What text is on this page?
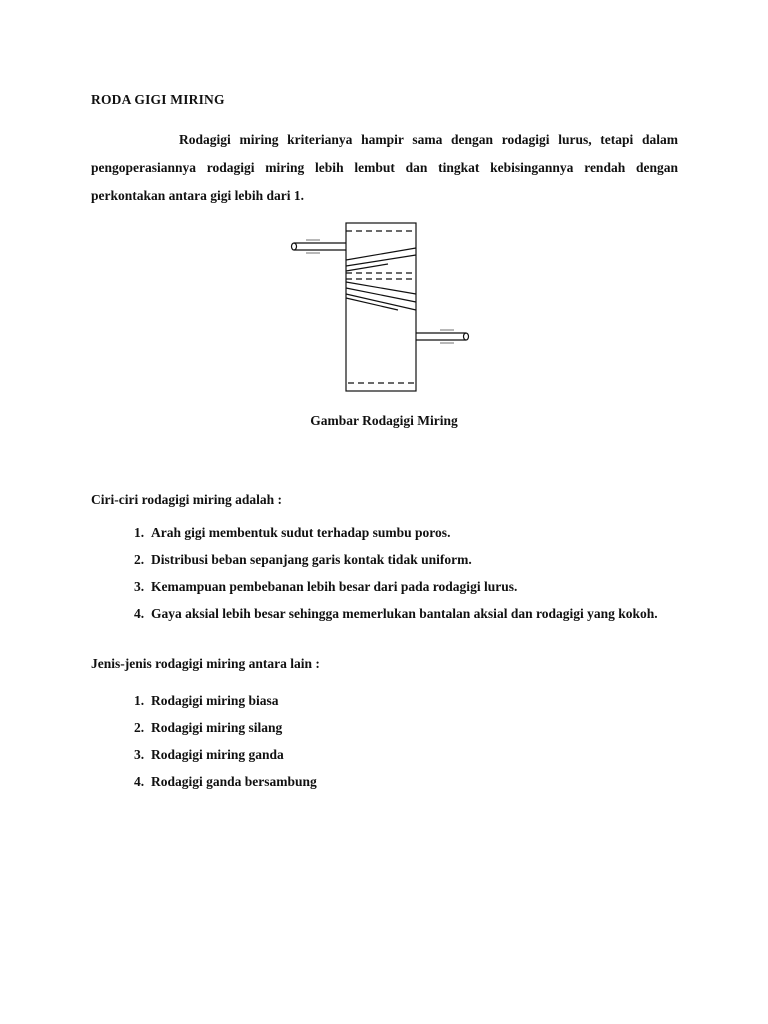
RODA GIGI MIRING

Rodagigi miring kriterianya hampir sama dengan rodagigi lurus, tetapi dalam pengoperasiannya rodagigi miring lebih lembut dan tingkat kebisingannya rendah dengan perkontakan antara gigi lebih dari 1.

Gambar Rodagigi Miring

Ciri-ciri rodagigi miring adalah :

1. Arah gigi membentuk sudut terhadap sumbu poros.
2. Distribusi beban sepanjang garis kontak tidak uniform.
3. Kemampuan pembebanan lebih besar dari pada rodagigi lurus.
4. Gaya aksial lebih besar sehingga memerlukan bantalan aksial dan rodagigi yang kokoh.

Jenis-jenis rodagigi miring antara lain :

1. Rodagigi miring biasa
2. Rodagigi miring silang
3. Rodagigi miring ganda
4. Rodagigi ganda bersambung
